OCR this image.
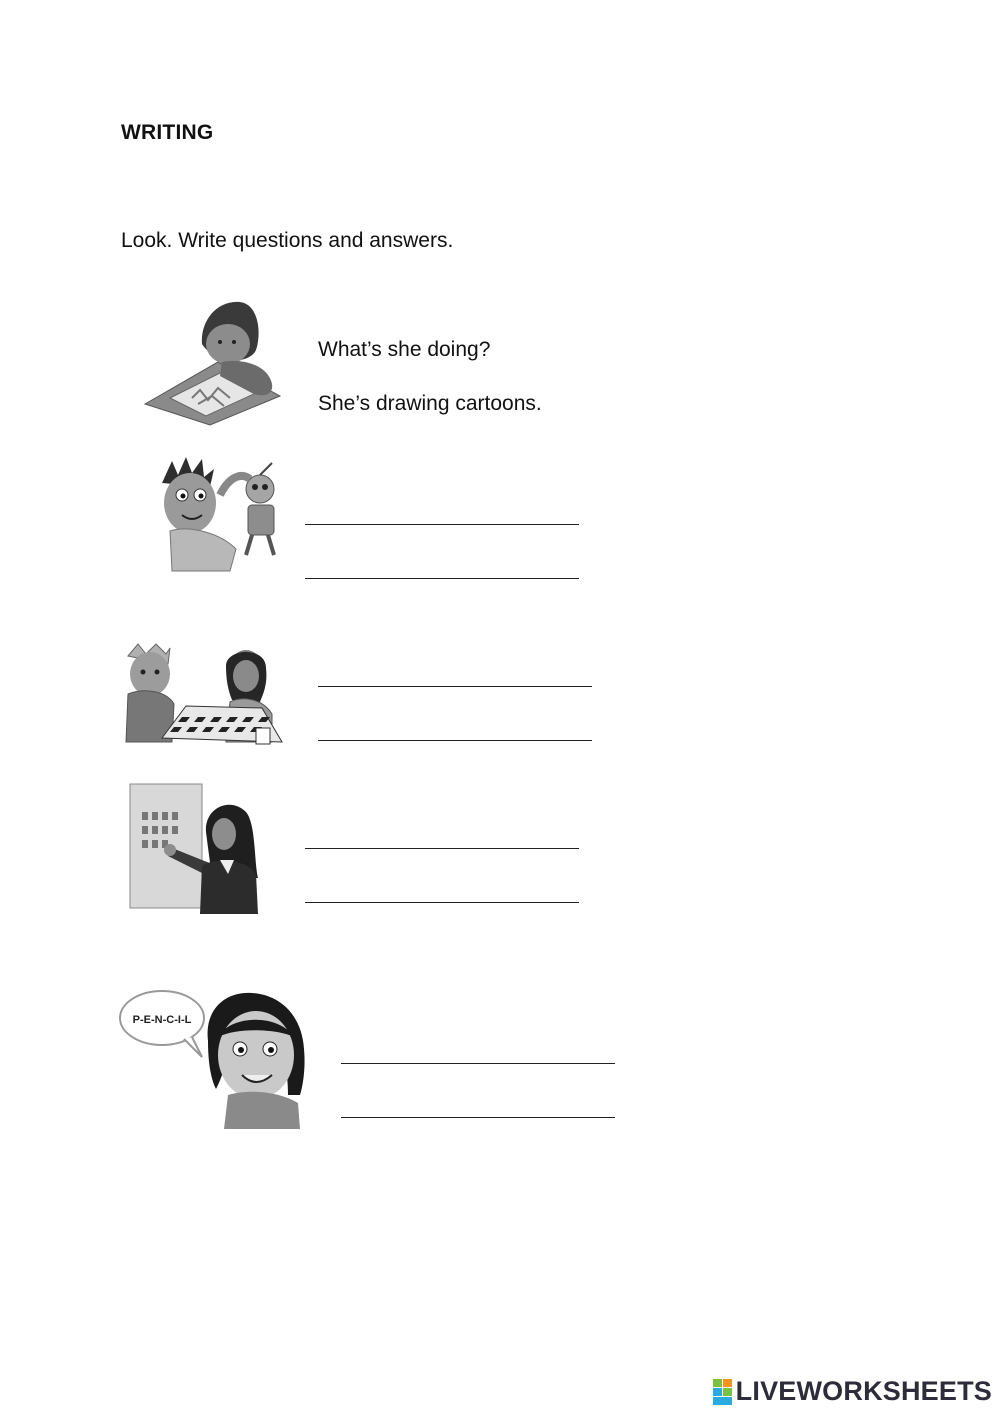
WRITING
Look. Write questions and answers.
What’s she doing?
She’s drawing cartoons.
P-E-N-C-I-L
LIVEWORKSHEETS
